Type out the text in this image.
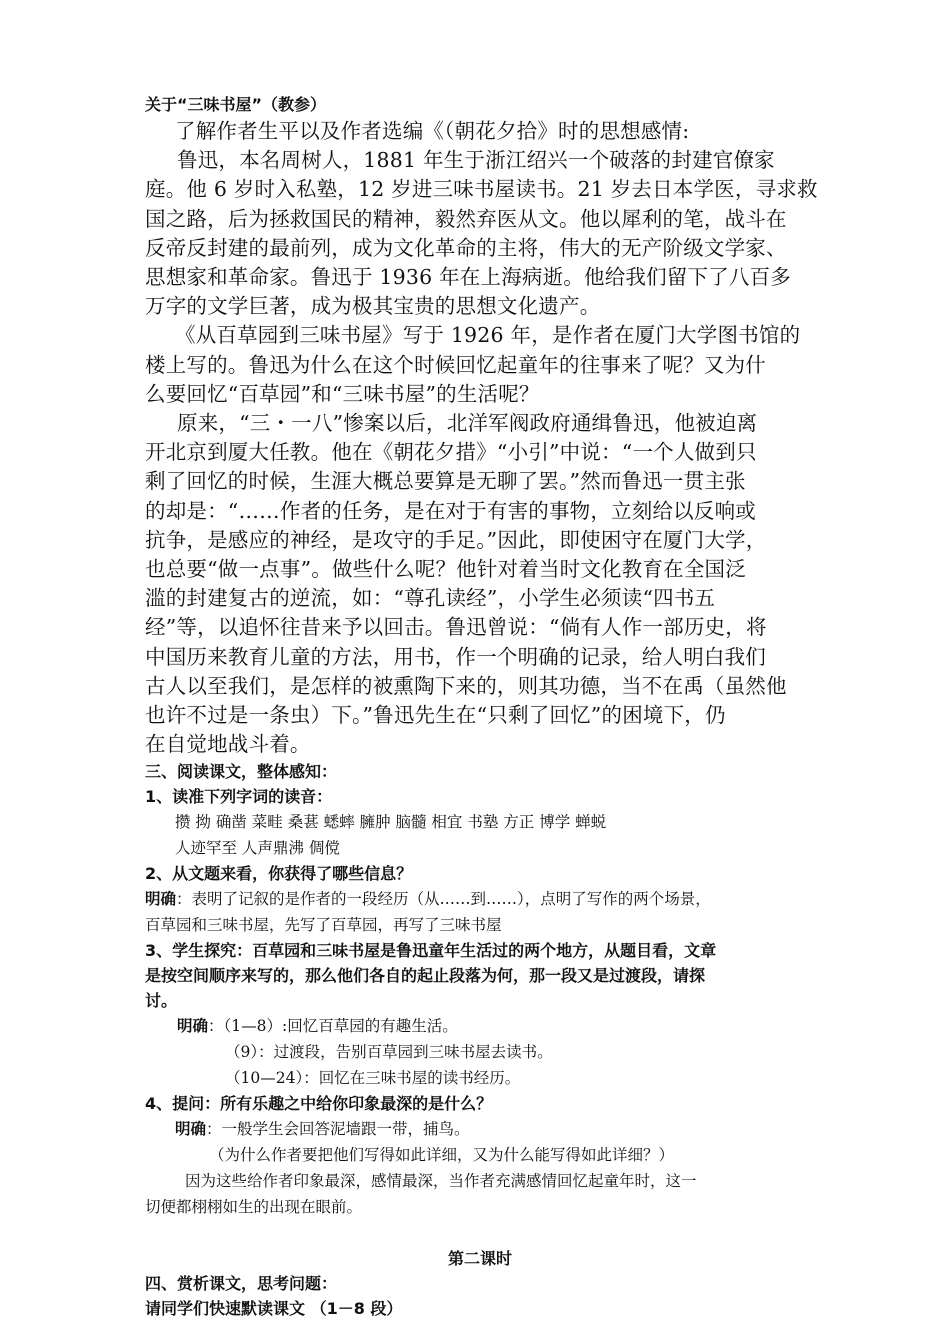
关于“三味书屋”（教参）
了解作者生平以及作者选编《（朝花夕拾》时的思想感情:
鲁迅，本名周树人，1881 年生于浙江绍兴一个破落的封建官僚家
庭。他 6 岁时入私塾，12 岁进三味书屋读书。21 岁去日本学医，寻求救
国之路，后为拯救国民的精神，毅然弃医从文。他以犀利的笔，战斗在
反帝反封建的最前列，成为文化革命的主将，伟大的无产阶级文学家、
思想家和革命家。鲁迅于 1936 年在上海病逝。他给我们留下了八百多
万字的文学巨著，成为极其宝贵的思想文化遗产。
《从百草园到三味书屋》写于 1926 年，是作者在厦门大学图书馆的
楼上写的。鲁迅为什么在这个时候回忆起童年的往事来了呢？又为什
么要回忆“百草园”和“三味书屋”的生活呢？
原来，“三・一八”惨案以后，北洋军阀政府通缉鲁迅，他被迫离
开北京到厦大任教。他在《朝花夕措》“小引”中说：“一个人做到只
剩了回忆的时候，生涯大概总要算是无聊了罢。”然而鲁迅一贯主张
的却是：“……作者的任务，是在对于有害的事物，立刻给以反响或
抗争，是感应的神经，是攻守的手足。”因此，即使困守在厦门大学，
也总要“做一点事”。做些什么呢？他针对着当时文化教育在全国泛
滥的封建复古的逆流，如：“尊孔读经”，小学生必须读“四书五
经”等，以追怀往昔来予以回击。鲁迅曾说：“倘有人作一部历史，将
中国历来教育儿童的方法，用书，作一个明确的记录，给人明白我们
古人以至我们，是怎样的被熏陶下来的，则其功德，当不在禹（虽然他
也许不过是一条虫）下。”鲁迅先生在“只剩了回忆”的困境下，仍
在自觉地战斗着。
三、阅读课文，整体感知：
1、读准下列字词的读音：
攒 拗 确凿 菜畦 桑葚 蟋蟀 臃肿 脑髓 相宜 书塾 方正 博学 蝉蜕
人迹罕至 人声鼎沸 倜傥
2、从文题来看，你获得了哪些信息？
明确：表明了记叙的是作者的一段经历（从……到……），点明了写作的两个场景，
百草园和三味书屋，先写了百草园，再写了三味书屋
3、学生探究：百草园和三味书屋是鲁迅童年生活过的两个地方，从题目看，文章
是按空间顺序来写的，那么他们各自的起止段落为何，那一段又是过渡段，请探
讨。
明确：（1—8）:回忆百草园的有趣生活。
（9）：过渡段，告别百草园到三味书屋去读书。
（10—24）：回忆在三味书屋的读书经历。
4、提问：所有乐趣之中给你印象最深的是什么？
明确：一般学生会回答泥墙跟一带，捕鸟。
（为什么作者要把他们写得如此详细，又为什么能写得如此详细？）
因为这些给作者印象最深，感情最深，当作者充满感情回忆起童年时，这一
切便都栩栩如生的出现在眼前。
第二课时
四、赏析课文，思考问题：
请同学们快速默读课文 （1－8 段）
